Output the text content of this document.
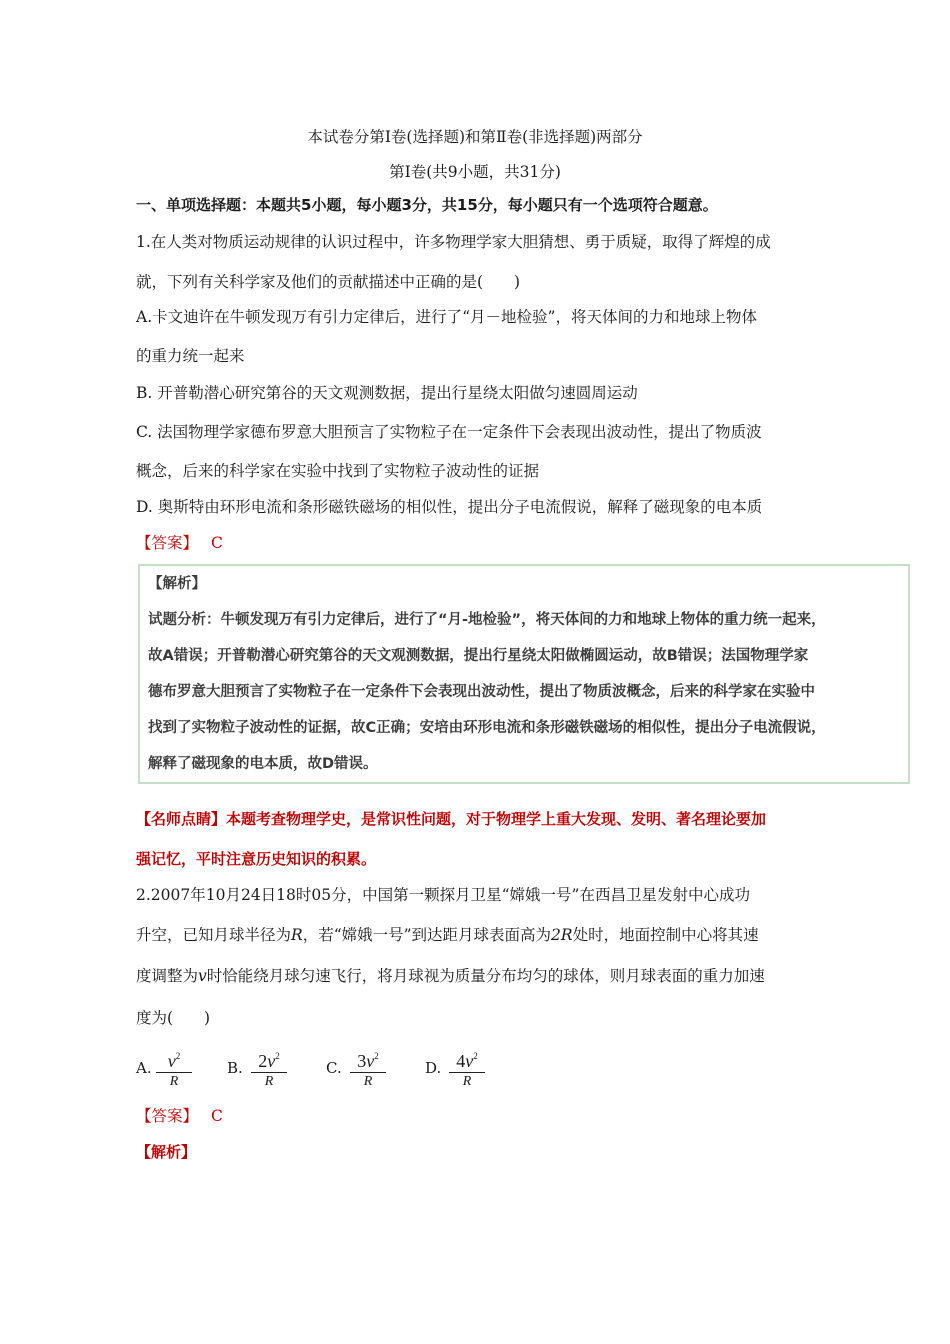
本试卷分第Ⅰ卷(选择题)和第Ⅱ卷(非选择题)两部分
第Ⅰ卷(共9小题，共31分)
一、单项选择题：本题共5小题，每小题3分，共15分，每小题只有一个选项符合题意。
1.在人类对物质运动规律的认识过程中，许多物理学家大胆猜想、勇于质疑，取得了辉煌的成
就，下列有关科学家及他们的贡献描述中正确的是(　　)
A.卡文迪许在牛顿发现万有引力定律后，进行了“月－地检验”，将天体间的力和地球上物体
的重力统一起来
B. 开普勒潜心研究第谷的天文观测数据，提出行星绕太阳做匀速圆周运动
C. 法国物理学家德布罗意大胆预言了实物粒子在一定条件下会表现出波动性，提出了物质波
概念，后来的科学家在实验中找到了实物粒子波动性的证据
D. 奥斯特由环形电流和条形磁铁磁场的相似性，提出分子电流假说，解释了磁现象的电本质
【答案】 C
【解析】
试题分析：牛顿发现万有引力定律后，进行了“月-地检验”，将天体间的力和地球上物体的重力统一起来，
故A错误；开普勒潜心研究第谷的天文观测数据，提出行星绕太阳做椭圆运动，故B错误；法国物理学家
德布罗意大胆预言了实物粒子在一定条件下会表现出波动性，提出了物质波概念，后来的科学家在实验中
找到了实物粒子波动性的证据，故C正确；安培由环形电流和条形磁铁磁场的相似性，提出分子电流假说，
解释了磁现象的电本质，故D错误。
【名师点睛】本题考查物理学史，是常识性问题，对于物理学上重大发现、发明、著名理论要加
强记忆，平时注意历史知识的积累。
2.2007年10月24日18时05分，中国第一颗探月卫星“嫦娥一号”在西昌卫星发射中心成功
升空，已知月球半径为R，若“嫦娥一号”到达距月球表面高为2R处时，地面控制中心将其速
度调整为v时恰能绕月球匀速飞行，将月球视为质量分布均匀的球体，则月球表面的重力加速
度为(　　)
A. $v^2$
R
B. $2v^2$
R
C. $3v^2$
R
D. $4v^2$
R
【答案】 C
【解析】
